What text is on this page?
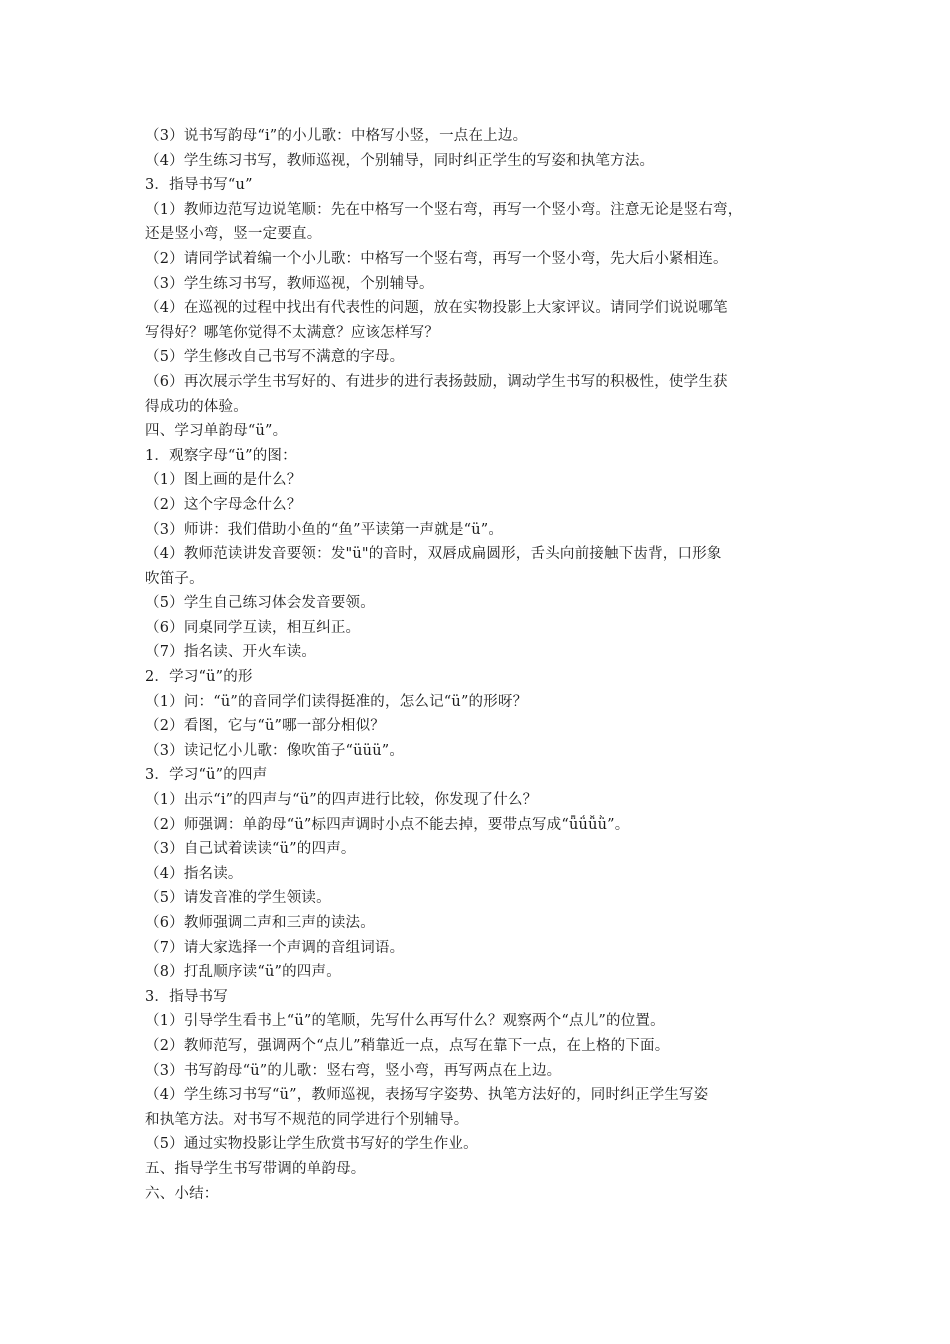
（3）说书写韵母“i”的小儿歌：中格写小竖，一点在上边。
（4）学生练习书写，教师巡视，个别辅导，同时纠正学生的写姿和执笔方法。
3．指导书写“u”
（1）教师边范写边说笔顺：先在中格写一个竖右弯，再写一个竖小弯。注意无论是竖右弯，
还是竖小弯，竖一定要直。
（2）请同学试着编一个小儿歌：中格写一个竖右弯，再写一个竖小弯，先大后小紧相连。
（3）学生练习书写，教师巡视，个别辅导。
（4）在巡视的过程中找出有代表性的问题，放在实物投影上大家评议。请同学们说说哪笔
写得好？哪笔你觉得不太满意？应该怎样写？
（5）学生修改自己书写不满意的字母。
（6）再次展示学生书写好的、有进步的进行表扬鼓励，调动学生书写的积极性，使学生获
得成功的体验。
四、学习单韵母“ü”。
1．观察字母“ü”的图：
（1）图上画的是什么？
（2）这个字母念什么？
（3）师讲：我们借助小鱼的“鱼”平读第一声就是“ü”。
（4）教师范读讲发音要领：发"ü"的音时，双唇成扁圆形，舌头向前接触下齿背，口形象
吹笛子。
（5）学生自己练习体会发音要领。
（6）同桌同学互读，相互纠正。
（7）指名读、开火车读。
2．学习“ü”的形
（1）问：“ü”的音同学们读得挺准的，怎么记“ü”的形呀？
（2）看图，它与“ü”哪一部分相似？
（3）读记忆小儿歌：像吹笛子“üüü”。
3．学习“ü”的四声
（1）出示“i”的四声与“ü”的四声进行比较，你发现了什么？
（2）师强调：单韵母“ü”标四声调时小点不能去掉，要带点写成“ǖǘǚǜ”。
（3）自己试着读读“ü”的四声。
（4）指名读。
（5）请发音准的学生领读。
（6）教师强调二声和三声的读法。
（7）请大家选择一个声调的音组词语。
（8）打乱顺序读“ü”的四声。
3．指导书写
（1）引导学生看书上“ü”的笔顺，先写什么再写什么？观察两个“点儿”的位置。
（2）教师范写，强调两个“点儿”稍靠近一点，点写在靠下一点，在上格的下面。
（3）书写韵母“ü”的儿歌：竖右弯，竖小弯，再写两点在上边。
（4）学生练习书写“ü”，教师巡视，表扬写字姿势、执笔方法好的，同时纠正学生写姿
和执笔方法。对书写不规范的同学进行个别辅导。
（5）通过实物投影让学生欣赏书写好的学生作业。
五、指导学生书写带调的单韵母。
六、小结：
